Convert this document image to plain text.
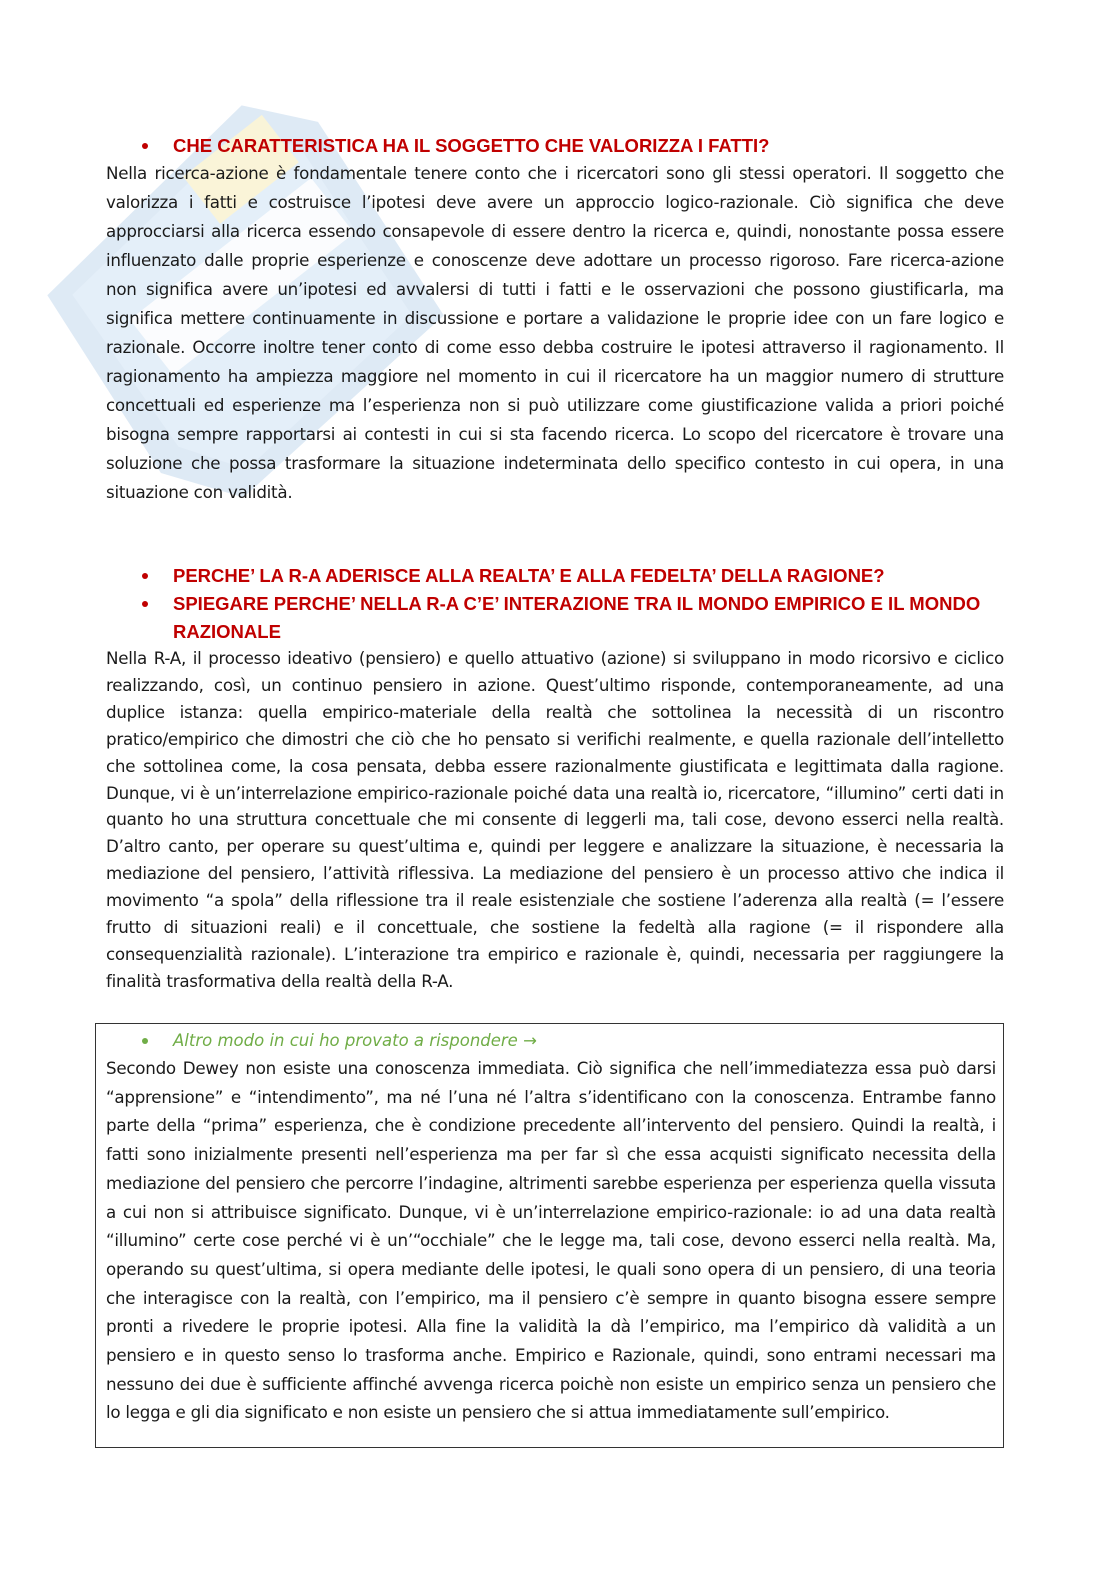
CHE CARATTERISTICA HA IL SOGGETTO CHE VALORIZZA I FATTI?

Nella ricerca-azione è fondamentale tenere conto che i ricercatori sono gli stessi operatori. Il soggetto che valorizza i fatti e costruisce l’ipotesi deve avere un approccio logico-razionale. Ciò significa che deve approcciarsi alla ricerca essendo consapevole di essere dentro la ricerca e, quindi, nonostante possa essere influenzato dalle proprie esperienze e conoscenze deve adottare un processo rigoroso. Fare ricerca-azione non significa avere un’ipotesi ed avvalersi di tutti i fatti e le osservazioni che possono giustificarla, ma significa mettere continuamente in discussione e portare a validazione le proprie idee con un fare logico e razionale. Occorre inoltre tener conto di come esso debba costruire le ipotesi attraverso il ragionamento. Il ragionamento ha ampiezza maggiore nel momento in cui il ricercatore ha un maggior numero di strutture concettuali ed esperienze ma l’esperienza non si può utilizzare come giustificazione valida a priori poiché bisogna sempre rapportarsi ai contesti in cui si sta facendo ricerca. Lo scopo del ricercatore è trovare una soluzione che possa trasformare la situazione indeterminata dello specifico contesto in cui opera, in una situazione con validità.

PERCHE’ LA R-A ADERISCE ALLA REALTA’ E ALLA FEDELTA’ DELLA RAGIONE?
SPIEGARE PERCHE’ NELLA R-A C’E’ INTERAZIONE TRA IL MONDO EMPIRICO E IL MONDO RAZIONALE

Nella R-A, il processo ideativo (pensiero) e quello attuativo (azione) si sviluppano in modo ricorsivo e ciclico realizzando, così, un continuo pensiero in azione. Quest’ultimo risponde, contemporaneamente, ad una duplice istanza: quella empirico-materiale della realtà che sottolinea la necessità di un riscontro pratico/empirico che dimostri che ciò che ho pensato si verifichi realmente, e quella razionale dell’intelletto che sottolinea come, la cosa pensata, debba essere razionalmente giustificata e legittimata dalla ragione. Dunque, vi è un’interrelazione empirico-razionale poiché data una realtà io, ricercatore, “illumino” certi dati in quanto ho una struttura concettuale che mi consente di leggerli ma, tali cose, devono esserci nella realtà. D’altro canto, per operare su quest’ultima e, quindi per leggere e analizzare la situazione, è necessaria la mediazione del pensiero, l’attività riflessiva. La mediazione del pensiero è un processo attivo che indica il movimento “a spola” della riflessione tra il reale esistenziale che sostiene l’aderenza alla realtà (= l’essere frutto di situazioni reali) e il concettuale, che sostiene la fedeltà alla ragione (= il rispondere alla consequenzialità razionale). L’interazione tra empirico e razionale è, quindi, necessaria per raggiungere la finalità trasformativa della realtà della R-A.

Altro modo in cui ho provato a rispondere →

Secondo Dewey non esiste una conoscenza immediata. Ciò significa che nell’immediatezza essa può darsi “apprensione” e “intendimento”, ma né l’una né l’altra s’identificano con la conoscenza. Entrambe fanno parte della “prima” esperienza, che è condizione precedente all’intervento del pensiero. Quindi la realtà, i fatti sono inizialmente presenti nell’esperienza ma per far sì che essa acquisti significato necessita della mediazione del pensiero che percorre l’indagine, altrimenti sarebbe esperienza per esperienza quella vissuta a cui non si attribuisce significato. Dunque, vi è un’interrelazione empirico-razionale: io ad una data realtà “illumino” certe cose perché vi è un’“occhiale” che le legge ma, tali cose, devono esserci nella realtà. Ma, operando su quest’ultima, si opera mediante delle ipotesi, le quali sono opera di un pensiero, di una teoria che interagisce con la realtà, con l’empirico, ma il pensiero c’è sempre in quanto bisogna essere sempre pronti a rivedere le proprie ipotesi. Alla fine la validità la dà l’empirico, ma l’empirico dà validità a un pensiero e in questo senso lo trasforma anche. Empirico e Razionale, quindi, sono entrami necessari ma nessuno dei due è sufficiente affinché avvenga ricerca poichè non esiste un empirico senza un pensiero che lo legga e gli dia significato e non esiste un pensiero che si attua immediatamente sull’empirico.
